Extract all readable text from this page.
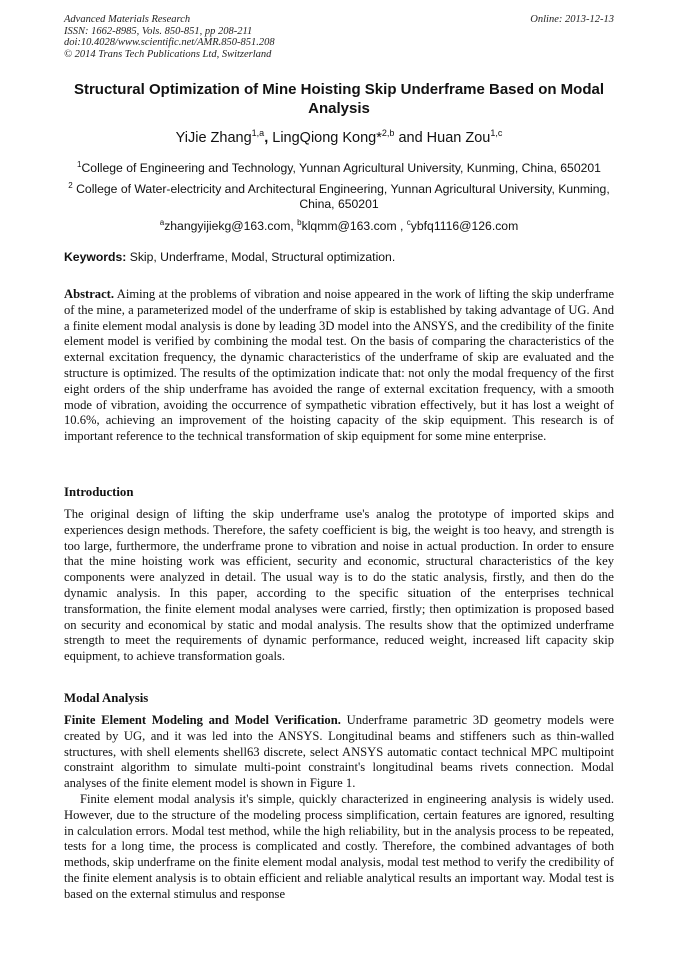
Advanced Materials Research
ISSN: 1662-8985, Vols. 850-851, pp 208-211
doi:10.4028/www.scientific.net/AMR.850-851.208
© 2014 Trans Tech Publications Ltd, Switzerland
Online: 2013-12-13
Structural Optimization of Mine Hoisting Skip Underframe Based on Modal Analysis
YiJie Zhang$^{1,a}$, LingQiong Kong*$^{2,b}$ and Huan Zou$^{1,c}$
$^1$College of Engineering and Technology, Yunnan Agricultural University, Kunming, China, 650201
$^2$ College of Water-electricity and Architectural Engineering, Yunnan Agricultural University, Kunming, China, 650201
$^a$zhangyijiekg@163.com, $^b$klqmm@163.com , $^c$ybfq1116@126.com
Keywords: Skip, Underframe, Modal, Structural optimization.
Abstract. Aiming at the problems of vibration and noise appeared in the work of lifting the skip underframe of the mine, a parameterized model of the underframe of skip is established by taking advantage of UG. And a finite element modal analysis is done by leading 3D model into the ANSYS, and the credibility of the finite element model is verified by combining the modal test. On the basis of comparing the characteristics of the external excitation frequency, the dynamic characteristics of the underframe of skip are evaluated and the structure is optimized. The results of the optimization indicate that: not only the modal frequency of the first eight orders of the ship underframe has avoided the range of external excitation frequency, with a smooth mode of vibration, avoiding the occurrence of sympathetic vibration effectively, but it has lost a weight of 10.6%, achieving an improvement of the hoisting capacity of the skip equipment. This research is of important reference to the technical transformation of skip equipment for some mine enterprise.
Introduction
The original design of lifting the skip underframe use's analog the prototype of imported skips and experiences design methods. Therefore, the safety coefficient is big, the weight is too heavy, and strength is too large, furthermore, the underframe prone to vibration and noise in actual production. In order to ensure that the mine hoisting work was efficient, security and economic, structural characteristics of the key components were analyzed in detail. The usual way is to do the static analysis, firstly, and then do the dynamic analysis. In this paper, according to the specific situation of the enterprises technical transformation, the finite element modal analyses were carried, firstly; then optimization is proposed based on security and economical by static and modal analysis. The results show that the optimized underframe strength to meet the requirements of dynamic performance, reduced weight, increased lift capacity skip equipment, to achieve transformation goals.
Modal Analysis
Finite Element Modeling and Model Verification. Underframe parametric 3D geometry models were created by UG, and it was led into the ANSYS. Longitudinal beams and stiffeners such as thin-walled structures, with shell elements shell63 discrete, select ANSYS automatic contact technical MPC multipoint constraint algorithm to simulate multi-point constraint's longitudinal beams rivets connection. Modal analyses of the finite element model is shown in Figure 1.
Finite element modal analysis it's simple, quickly characterized in engineering analysis is widely used. However, due to the structure of the modeling process simplification, certain features are ignored, resulting in calculation errors. Modal test method, while the high reliability, but in the analysis process to be repeated, tests for a long time, the process is complicated and costly. Therefore, the combined advantages of both methods, skip underframe on the finite element modal analysis, modal test method to verify the credibility of the finite element analysis is to obtain efficient and reliable analytical results an important way. Modal test is based on the external stimulus and response
